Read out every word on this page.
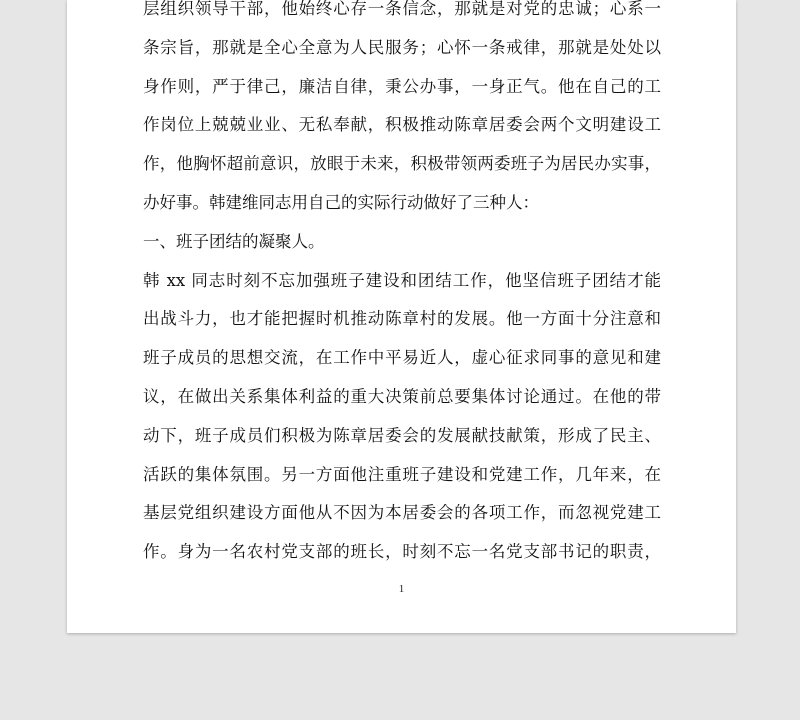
层组织领导干部，他始终心存一条信念，那就是对党的忠诚；心系一
条宗旨，那就是全心全意为人民服务；心怀一条戒律，那就是处处以
身作则，严于律己，廉洁自律，秉公办事，一身正气。他在自己的工
作岗位上兢兢业业、无私奉献，积极推动陈章居委会两个文明建设工
作，他胸怀超前意识，放眼于未来，积极带领两委班子为居民办实事，
办好事。韩建维同志用自己的实际行动做好了三种人：
一、班子团结的凝聚人。
韩 xx 同志时刻不忘加强班子建设和团结工作，他坚信班子团结才能
出战斗力，也才能把握时机推动陈章村的发展。他一方面十分注意和
班子成员的思想交流，在工作中平易近人，虚心征求同事的意见和建
议，在做出关系集体利益的重大决策前总要集体讨论通过。在他的带
动下，班子成员们积极为陈章居委会的发展献技献策，形成了民主、
活跃的集体氛围。另一方面他注重班子建设和党建工作，几年来，在
基层党组织建设方面他从不因为本居委会的各项工作，而忽视党建工
作。身为一名农村党支部的班长，时刻不忘一名党支部书记的职责，
1
